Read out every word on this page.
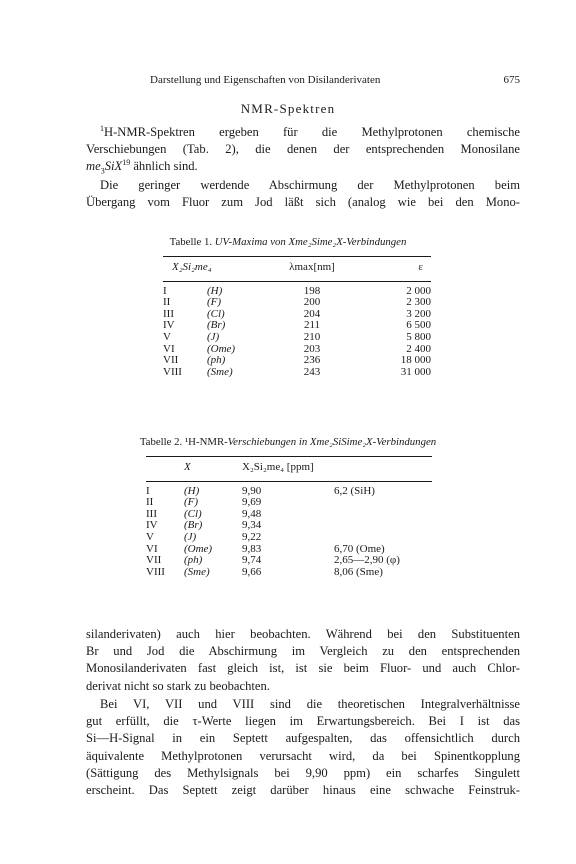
Darstellung und Eigenschaften von Disilanderivaten	675
NMR-Spektren

$^1$H-NMR-Spektren ergeben für die Methylprotonen chemische
Verschiebungen (Tab. 2), die denen der entsprechenden Monosilane
$me_3SiX^{19}$ ähnlich sind.

Die geringer werdende Abschirmung der Methylprotonen beim
Übergang vom Fluor zum Jod läßt sich (analog wie bei den Mono-

Tabelle 1. UV-Maxima von Xme₂Sime₂X-Verbindungen
X₂Si₂me₄		λmax[nm]	ε
I	(H)	198	2 000
II	(F)	200	2 300
III	(Cl)	204	3 200
IV	(Br)	211	6 500
V	(J)	210	5 800
VI	(Ome)	203	2 400
VII	(ph)	236	18 000
VIII	(Sme)	243	31 000
Tabelle 2. ¹H-NMR-Verschiebungen in Xme₂SiSime₂X-Verbindungen
X		X₂Si₂me₄ [ppm]	
I	(H)	9,90	6,2 (SiH)
II	(F)	9,69	
III	(Cl)	9,48	
IV	(Br)	9,34	
V	(J)	9,22	
VI	(Ome)	9,83	6,70 (Ome)
VII	(ph)	9,74	2,65—2,90 (φ)
VIII	(Sme)	9,66	8,06 (Sme)

silanderivaten) auch hier beobachten. Während bei den Substituenten
Br und Jod die Abschirmung im Vergleich zu den entsprechenden
Monosilanderivaten fast gleich ist, ist sie beim Fluor- und auch Chlor-
derivat nicht so stark zu beobachten.

Bei VI, VII und VIII sind die theoretischen Integralverhältnisse
gut erfüllt, die τ-Werte liegen im Erwartungsbereich. Bei I ist das
Si—H-Signal in ein Septett aufgespalten, das offensichtlich durch
äquivalente Methylprotonen verursacht wird, da bei Spinentkopplung
(Sättigung des Methylsignals bei 9,90 ppm) ein scharfes Singulett
erscheint. Das Septett zeigt darüber hinaus eine schwache Feinstruk-
